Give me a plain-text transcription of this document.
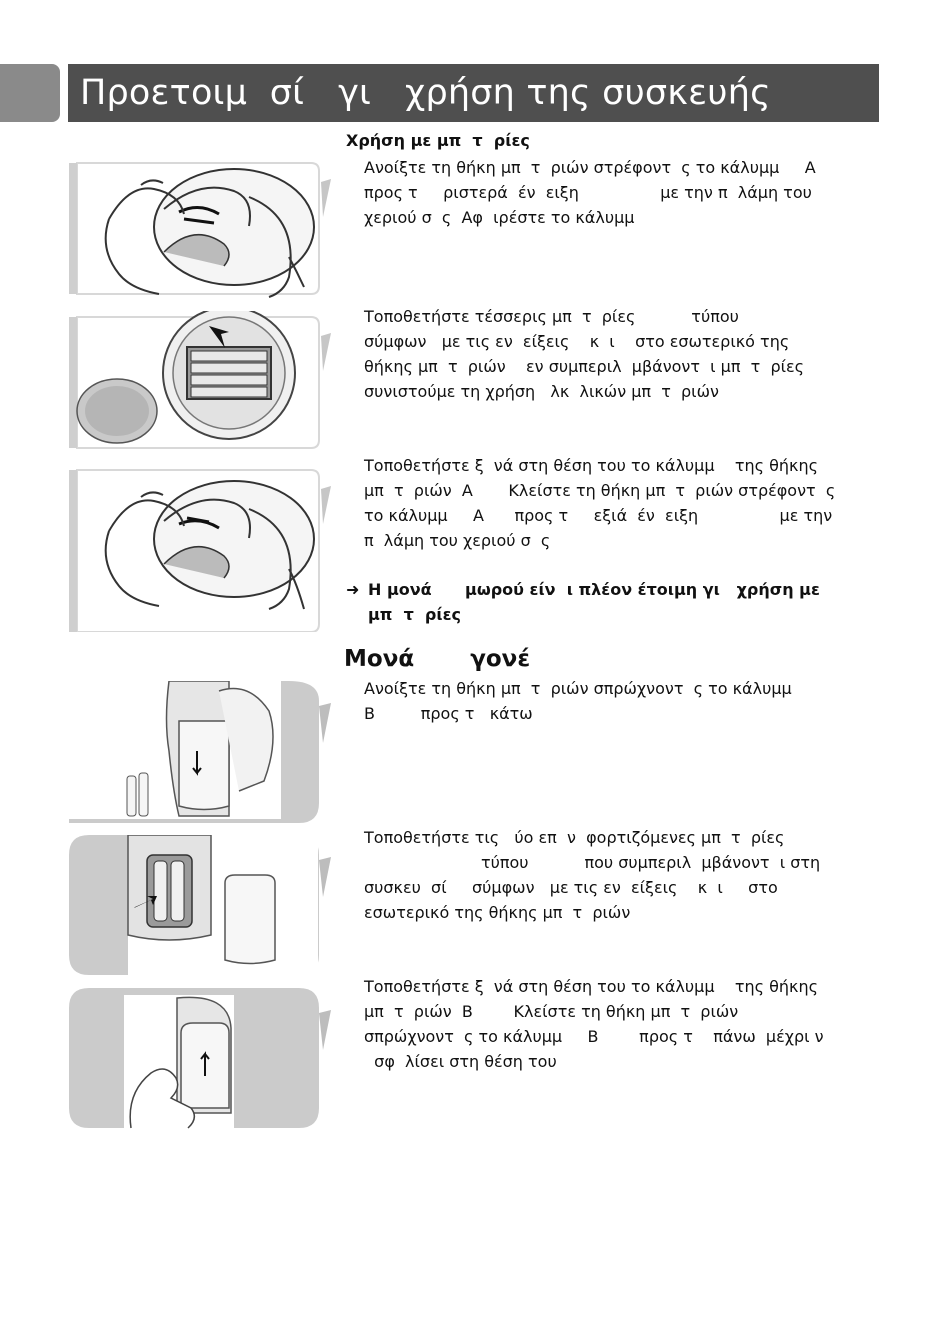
Προετοιμ  σί   γι   χρήση της συσκευής
Χρήση με μπ  τ  ρίες
Ανοίξτε τη θήκη μπ  τ  ριών στρέφοντ  ς το κάλυμμ     A
προς τ     ριστερά  έν  ειξη                με την π  λάμη του
χεριού σ  ς  Αφ  ιρέστε το κάλυμμ
Τοποθετήστε τέσσερις μπ  τ  ρίες           τύπου
σύμφων   με τις εν  είξεις    κ  ι    στο εσωτερικό της
θήκης μπ  τ  ριών    εν συμπεριλ  μβάνοντ  ι μπ  τ  ρίες
συνιστούμε τη χρήση   λκ  λικών μπ  τ  ριών
Τοποθετήστε ξ  νά στη θέση του το κάλυμμ    της θήκης
μπ  τ  ριών  A       Κλείστε τη θήκη μπ  τ  ριών στρέφοντ  ς
το κάλυμμ     A      προς τ     εξιά  έν  ειξη                με την
π  λάμη του χεριού σ  ς
➜ Η μονά      μωρού είν  ι πλέον έτοιμη γι   χρήση με
μπ  τ  ρίες
Μονά       γονέ
Ανοίξτε τη θήκη μπ  τ  ριών σπρώχνοντ  ς το κάλυμμ
B         προς τ   κάτω
Τοποθετήστε τις   ύο επ  ν  φορτιζόμενες μπ  τ  ρίες
τύπου           που συμπεριλ  μβάνοντ  ι στη
συσκευ  σί     σύμφων   με τις εν  είξεις    κ  ι     στο
εσωτερικό της θήκης μπ  τ  ριών
Τοποθετήστε ξ  νά στη θέση του το κάλυμμ    της θήκης
μπ  τ  ριών  B        Κλείστε τη θήκη μπ  τ  ριών
σπρώχνοντ  ς το κάλυμμ     B        προς τ    πάνω  μέχρι ν
σφ  λίσει στη θέση του
